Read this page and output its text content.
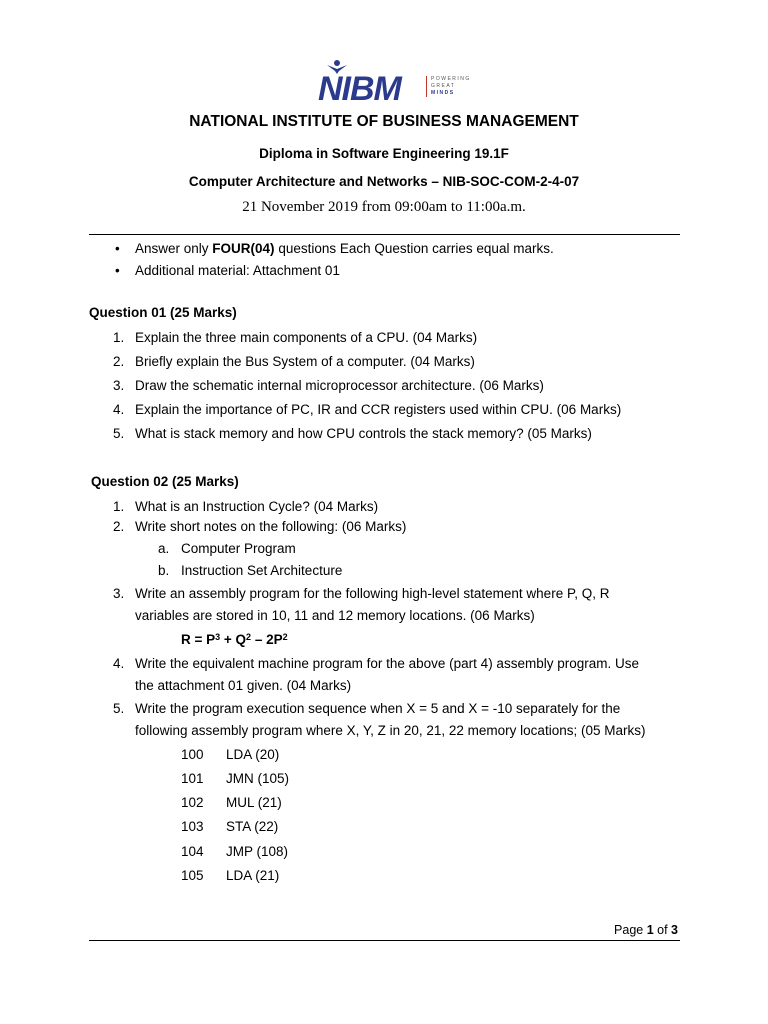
NIBM	POWERING
GREAT
MINDS
NATIONAL INSTITUTE OF BUSINESS MANAGEMENT
Diploma in Software Engineering 19.1F
Computer Architecture and Networks – NIB-SOC-COM-2-4-07
21 November 2019 from 09:00am to 11:00a.m.
• Answer only FOUR(04) questions Each Question carries equal marks.
• Additional material: Attachment 01
Question 01 (25 Marks)
1. Explain the three main components of a CPU. (04 Marks)
2. Briefly explain the Bus System of a computer. (04 Marks)
3. Draw the schematic internal microprocessor architecture. (06 Marks)
4. Explain the importance of PC, IR and CCR registers used within CPU. (06 Marks)
5. What is stack memory and how CPU controls the stack memory? (05 Marks)
Question 02 (25 Marks)
1. What is an Instruction Cycle? (04 Marks)
2. Write short notes on the following: (06 Marks)
a. Computer Program
b. Instruction Set Architecture
3. Write an assembly program for the following high-level statement where P, Q, R
variables are stored in 10, 11 and 12 memory locations. (06 Marks)
$R = P^3 + Q^2 - 2P^2$
4. Write the equivalent machine program for the above (part 4) assembly program. Use
the attachment 01 given. (04 Marks)
5. Write the program execution sequence when X = 5 and X = -10 separately for the
following assembly program where X, Y, Z in 20, 21, 22 memory locations; (05 Marks)
100 LDA (20)
101 JMN (105)
102 MUL (21)
103 STA (22)
104 JMP (108)
105 LDA (21)
Page 1 of 3
